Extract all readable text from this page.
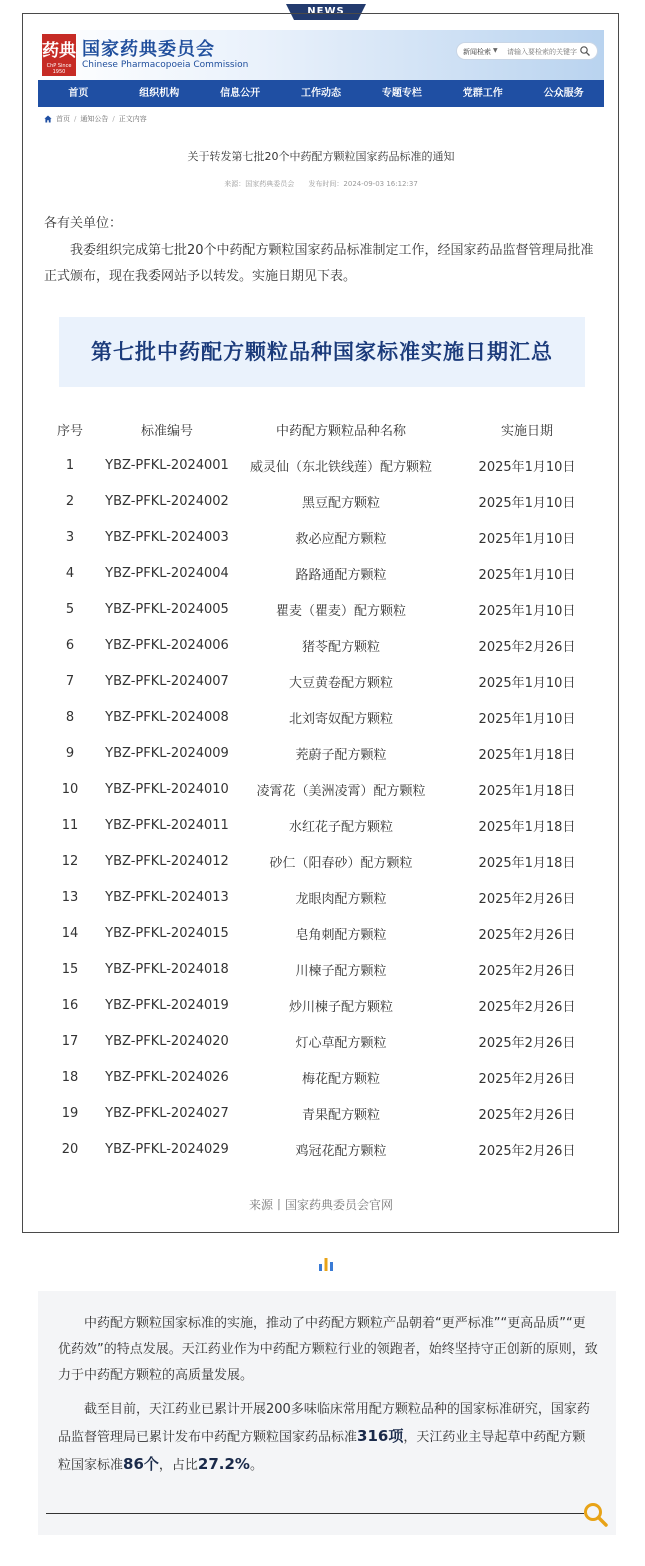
NEWS
药典
ChP Since 1950
国家药典委员会
Chinese Pharmacopoeia Commission
新闻检索 ▼ 请输入要检索的关键字
首页	组织机构	信息公开	工作动态	专题专栏	党群工作	公众服务
首页 / 通知公告 / 正文内容
关于转发第七批20个中药配方颗粒国家药品标准的通知
来源：国家药典委员会 发布时间：2024-09-03 16:12:37
各有关单位：
我委组织完成第七批20个中药配方颗粒国家药品标准制定工作，经国家药品监督管理局批准正式颁布，现在我委网站予以转发。实施日期见下表。
第七批中药配方颗粒品种国家标准实施日期汇总
序号	标准编号	中药配方颗粒品种名称	实施日期
1	YBZ-PFKL-2024001	威灵仙（东北铁线莲）配方颗粒	2025年1月10日
2	YBZ-PFKL-2024002	黑豆配方颗粒	2025年1月10日
3	YBZ-PFKL-2024003	救必应配方颗粒	2025年1月10日
4	YBZ-PFKL-2024004	路路通配方颗粒	2025年1月10日
5	YBZ-PFKL-2024005	瞿麦（瞿麦）配方颗粒	2025年1月10日
6	YBZ-PFKL-2024006	猪苓配方颗粒	2025年2月26日
7	YBZ-PFKL-2024007	大豆黄卷配方颗粒	2025年1月10日
8	YBZ-PFKL-2024008	北刘寄奴配方颗粒	2025年1月10日
9	YBZ-PFKL-2024009	茺蔚子配方颗粒	2025年1月18日
10	YBZ-PFKL-2024010	凌霄花（美洲凌霄）配方颗粒	2025年1月18日
11	YBZ-PFKL-2024011	水红花子配方颗粒	2025年1月18日
12	YBZ-PFKL-2024012	砂仁（阳春砂）配方颗粒	2025年1月18日
13	YBZ-PFKL-2024013	龙眼肉配方颗粒	2025年2月26日
14	YBZ-PFKL-2024015	皂角刺配方颗粒	2025年2月26日
15	YBZ-PFKL-2024018	川楝子配方颗粒	2025年2月26日
16	YBZ-PFKL-2024019	炒川楝子配方颗粒	2025年2月26日
17	YBZ-PFKL-2024020	灯心草配方颗粒	2025年2月26日
18	YBZ-PFKL-2024026	梅花配方颗粒	2025年2月26日
19	YBZ-PFKL-2024027	青果配方颗粒	2025年2月26日
20	YBZ-PFKL-2024029	鸡冠花配方颗粒	2025年2月26日
来源丨国家药典委员会官网
中药配方颗粒国家标准的实施，推动了中药配方颗粒产品朝着“更严标准”“更高品质”“更优药效”的特点发展。天江药业作为中药配方颗粒行业的领跑者，始终坚持守正创新的原则，致力于中药配方颗粒的高质量发展。
截至目前，天江药业已累计开展200多味临床常用配方颗粒品种的国家标准研究，国家药品监督管理局已累计发布中药配方颗粒国家药品标准316项，天江药业主导起草中药配方颗粒国家标准86个，占比27.2%。
